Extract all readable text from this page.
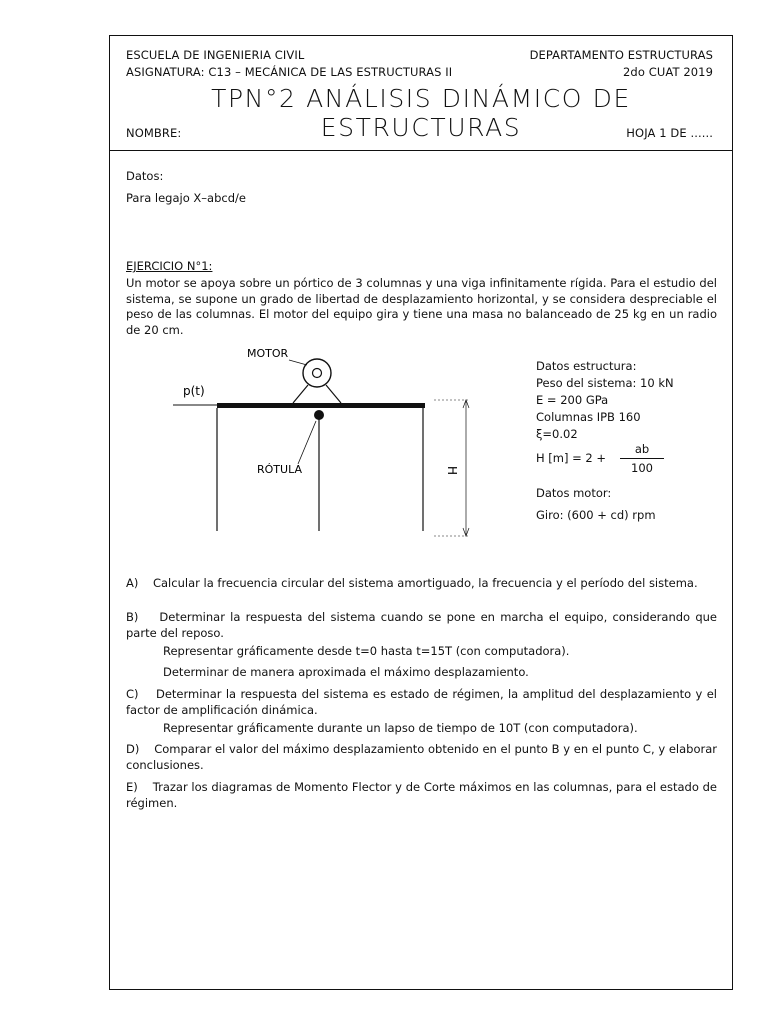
ESCUELA DE INGENIERIA CIVIL	DEPARTAMENTO ESTRUCTURAS
ASIGNATURA: C13 – MECÁNICA DE LAS ESTRUCTURAS II	2do CUAT 2019
TPN°2 ANÁLISIS DINÁMICO DE ESTRUCTURAS
NOMBRE:	HOJA 1 DE ......
Datos:
Para legajo X–abcd/e
EJERCICIO N°1:
Un motor se apoya sobre un pórtico de 3 columnas y una viga infinitamente rígida. Para el estudio del sistema, se supone un grado de libertad de desplazamiento horizontal, y se considera despreciable el peso de las columnas. El motor del equipo gira y tiene una masa no balanceado de 25 kg en un radio de 20 cm.
p(t)
MOTOR
RÓTULA	H
Datos estructura:
Peso del sistema: 10 kN
E = 200 GPa
Columnas IPB 160
ξ=0.02
H [m] = 2 +
ab
100
Datos motor:
Giro: (600 + cd) rpm
A) Calcular la frecuencia circular del sistema amortiguado, la frecuencia y el período del sistema.
B) Determinar la respuesta del sistema cuando se pone en marcha el equipo, considerando que parte del reposo.
Representar gráficamente desde t=0 hasta t=15T (con computadora).
Determinar de manera aproximada el máximo desplazamiento.
C) Determinar la respuesta del sistema es estado de régimen, la amplitud del desplazamiento y el factor de amplificación dinámica.
Representar gráficamente durante un lapso de tiempo de 10T (con computadora).
D) Comparar el valor del máximo desplazamiento obtenido en el punto B y en el punto C, y elaborar conclusiones.
E) Trazar los diagramas de Momento Flector y de Corte máximos en las columnas, para el estado de régimen.
